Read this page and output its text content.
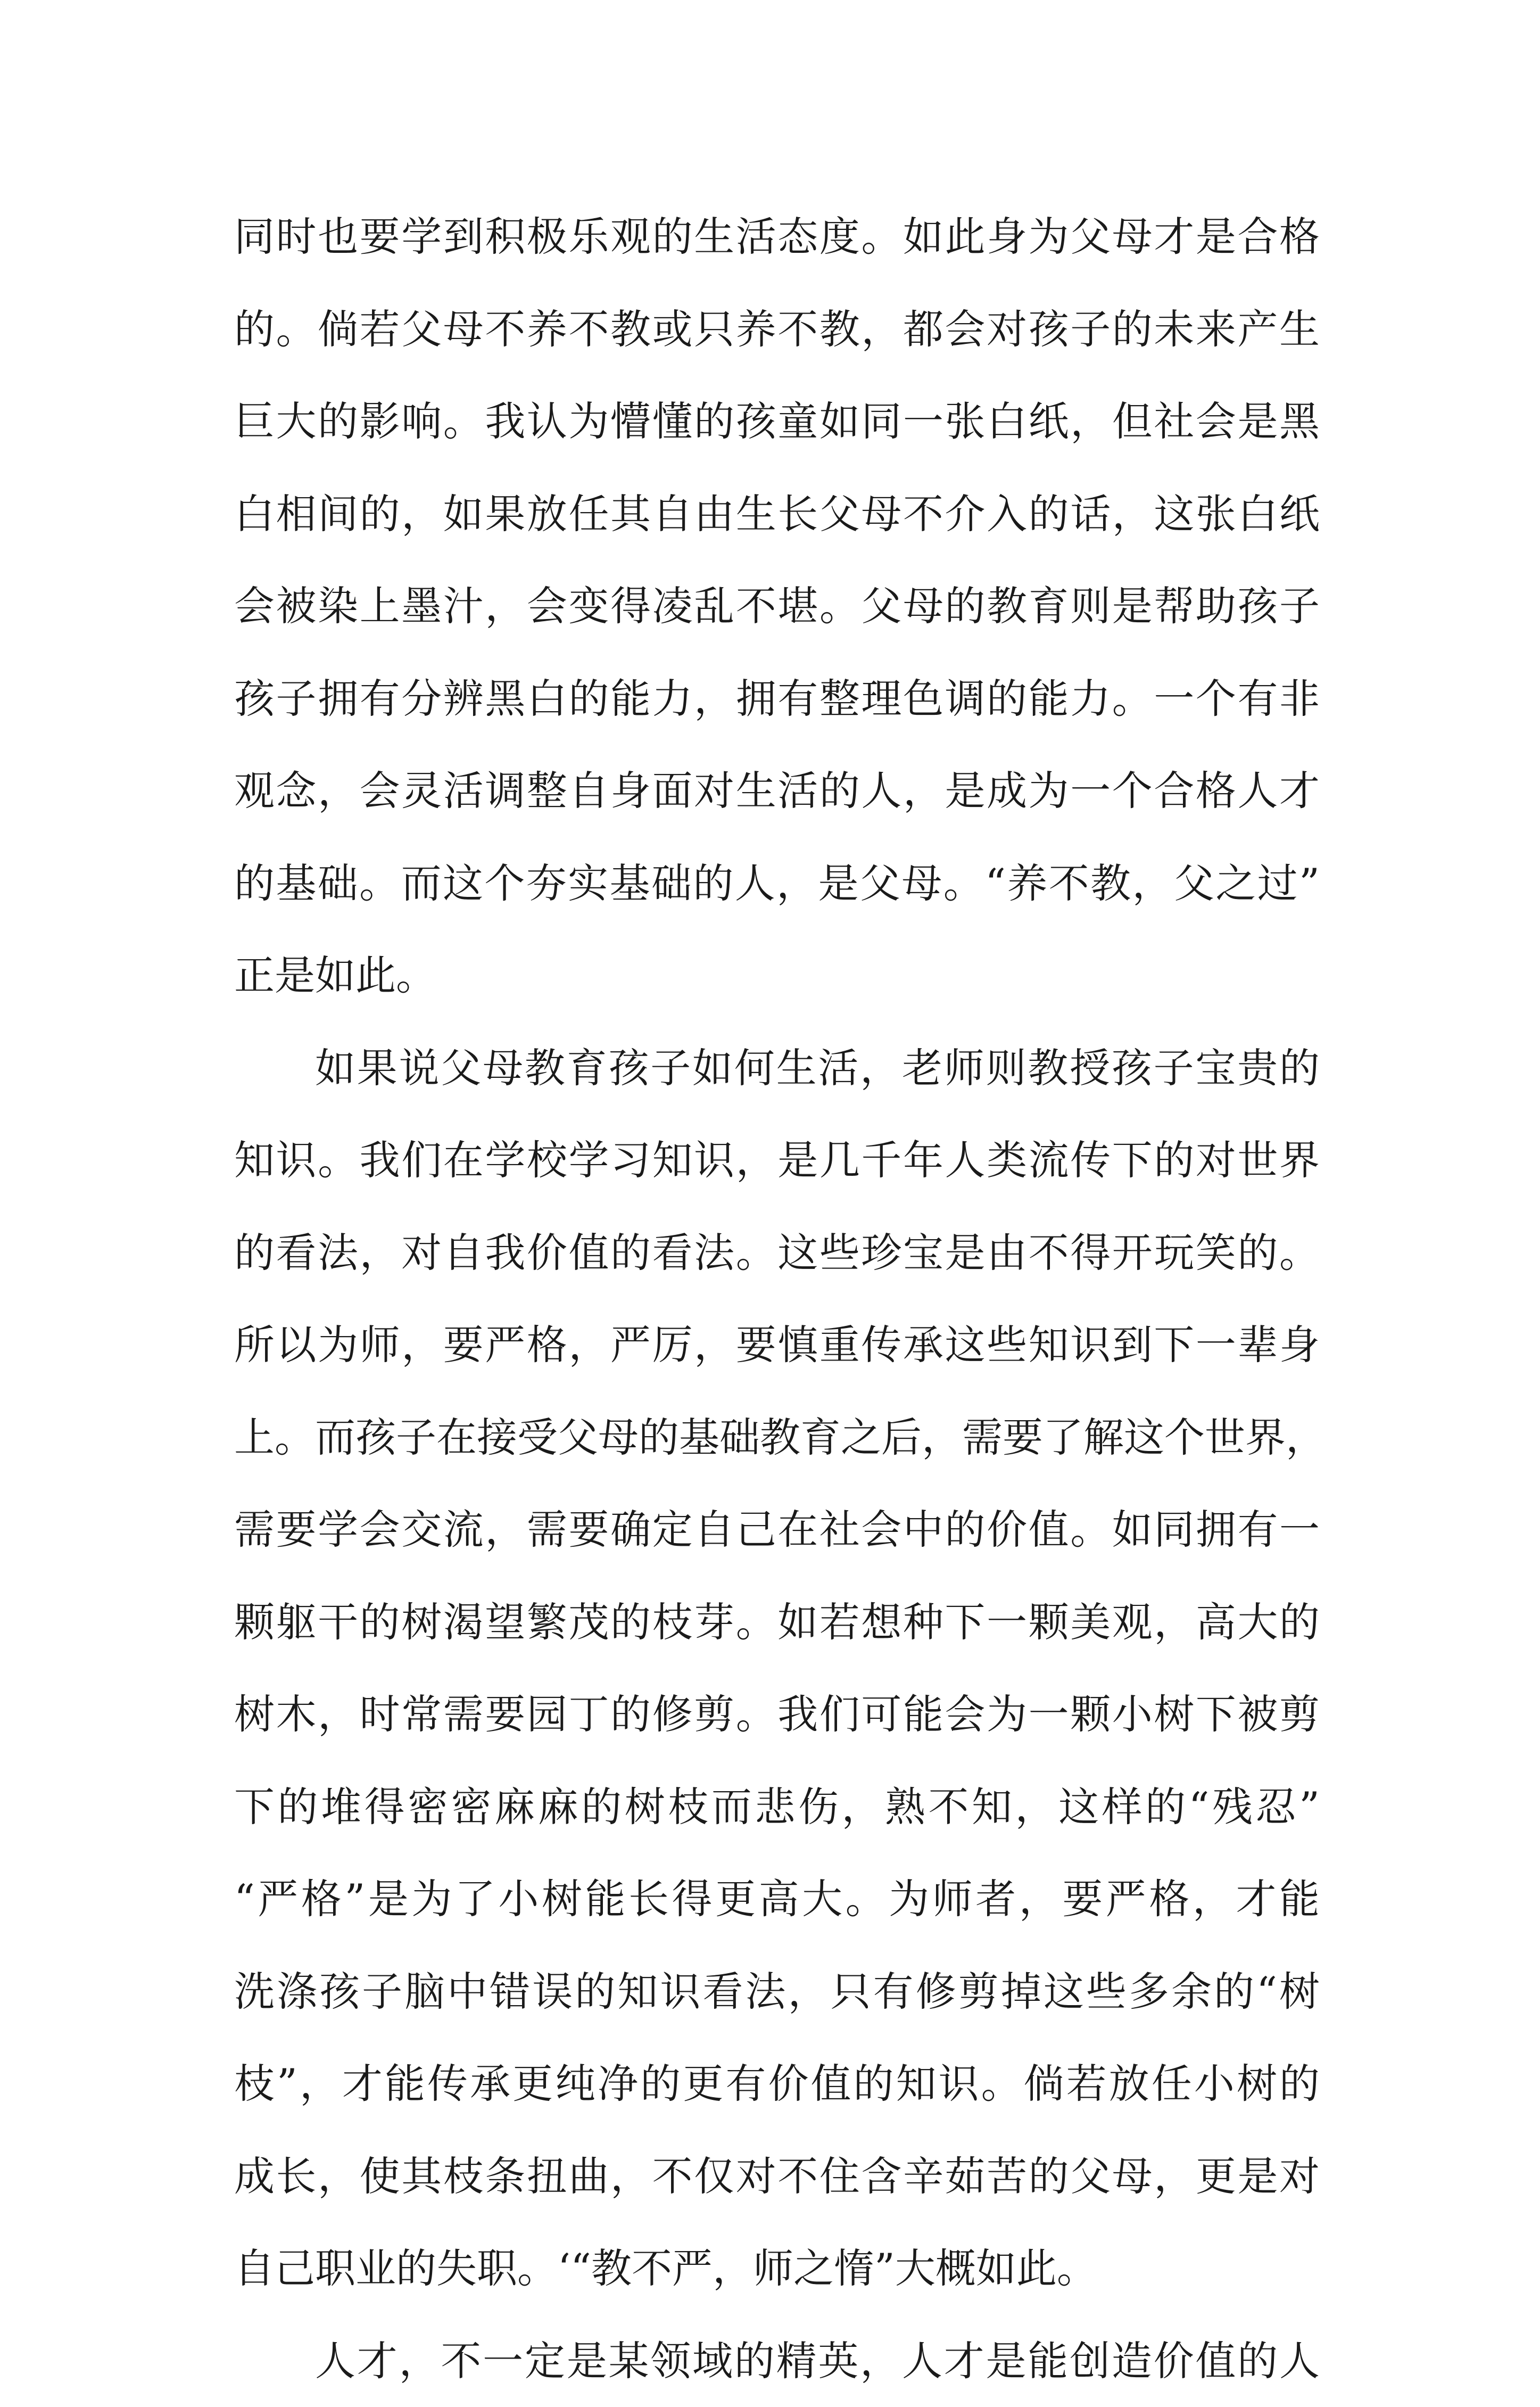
同时也要学到积极乐观的生活态度。如此身为父母才是合格
的。倘若父母不养不教或只养不教，都会对孩子的未来产生
巨大的影响。我认为懵懂的孩童如同一张白纸，但社会是黑
白相间的，如果放任其自由生长父母不介入的话，这张白纸
会被染上墨汁，会变得凌乱不堪。父母的教育则是帮助孩子
孩子拥有分辨黑白的能力，拥有整理色调的能力。一个有非
观念，会灵活调整自身面对生活的人，是成为一个合格人才
的基础。而这个夯实基础的人，是父母。“养不教，父之过”
正是如此。
如果说父母教育孩子如何生活，老师则教授孩子宝贵的
知识。我们在学校学习知识，是几千年人类流传下的对世界
的看法，对自我价值的看法。这些珍宝是由不得开玩笑的。
所以为师，要严格，严厉，要慎重传承这些知识到下一辈身
上。而孩子在接受父母的基础教育之后，需要了解这个世界，
需要学会交流，需要确定自己在社会中的价值。如同拥有一
颗躯干的树渴望繁茂的枝芽。如若想种下一颗美观，高大的
树木，时常需要园丁的修剪。我们可能会为一颗小树下被剪
下的堆得密密麻麻的树枝而悲伤，熟不知，这样的“残忍”
“严格”是为了小树能长得更高大。为师者，要严格，才能
洗涤孩子脑中错误的知识看法，只有修剪掉这些多余的“树
枝”，才能传承更纯净的更有价值的知识。倘若放任小树的
成长，使其枝条扭曲，不仅对不住含辛茹苦的父母，更是对
自己职业的失职。‘“教不严，师之惰”大概如此。
人才，不一定是某领域的精英，人才是能创造价值的人
